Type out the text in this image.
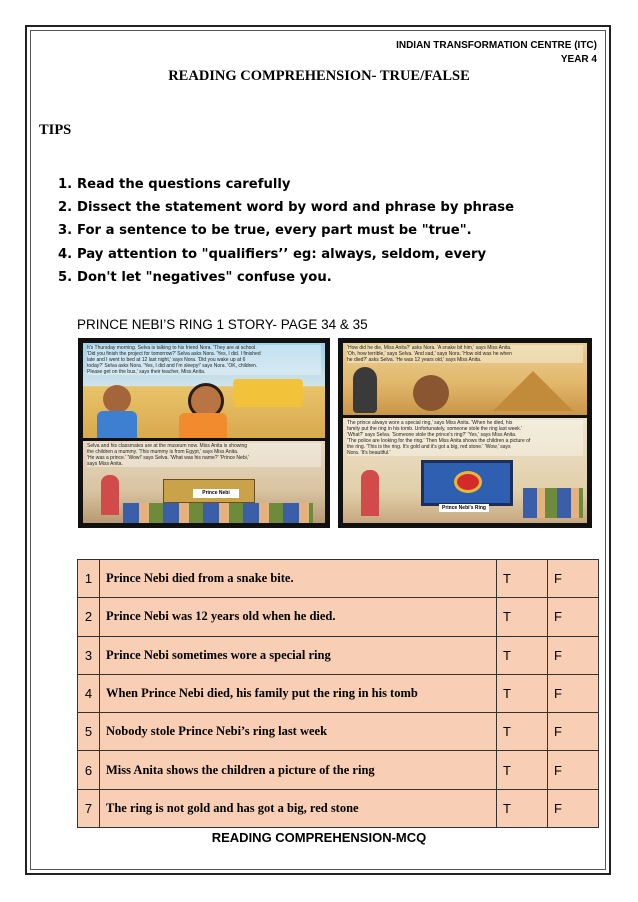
INDIAN TRANSFORMATION CENTRE (ITC)
YEAR 4
READING COMPREHENSION- TRUE/FALSE
TIPS
1. Read the questions carefully
2. Dissect the statement word by word and phrase by phrase
3. For a sentence to be true, every part must be "true".
4. Pay attention to "qualifiers’’ eg: always, seldom, every
5. Don't let "negatives" confuse you.
PRINCE NEBI’S RING 1 STORY- PAGE 34 & 35
It's Thursday morning. Selva is talking to his friend Nora. 'They are at school.
'Did you finish the project for tomorrow?' Selva asks Nora. 'Yes, I did. I finished
late and I went to bed at 12 last night,' says Nora. 'Did you wake up at 6
today?' Selva asks Nora. 'Yes, I did and I'm sleepy!' says Nora. 'OK, children.
Please get on the bus,' says their teacher, Miss Anita.
Selva and his classmates are at the museum now. Miss Anita is showing
the children a mummy. 'This mummy is from Egypt,' says Miss Anita.
'He was a prince.' 'Wow!' says Selva. 'What was his name?' 'Prince Nebi,'
says Miss Anita.
Prince Nebi
'How did he die, Miss Anita?' asks Nora. 'A snake bit him,' says Miss Anita.
'Oh, how terrible,' says Selva. 'And sad,' says Nora. 'How old was he when
he died?' asks Selva. 'He was 12 years old,' says Miss Anita.
The prince always wore a special ring,' says Miss Anita. 'When he died, his
family put the ring in his tomb. Unfortunately, someone stole the ring last week.'
'What?' says Selva. 'Someone stole the prince's ring?' 'Yes,' says Miss Anita.
'The police are looking for the ring.' Then Miss Anita shows the children a picture of
the ring. 'This is the ring. It's gold and it's got a big, red stone.' 'Wow,' says
Nora. 'It's beautiful.'
Prince Nebi's Ring
1	Prince Nebi died from a snake bite.	T	F
2	Prince Nebi was 12 years old when he died.	T	F
3	Prince Nebi sometimes wore a special ring	T	F
4	When Prince Nebi died, his family put the ring in his tomb	T	F
5	Nobody stole Prince Nebi’s ring last week	T	F
6	Miss Anita shows the children a picture of the ring	T	F
7	The ring is not gold and has got a big, red stone	T	F
READING COMPREHENSION-MCQ
